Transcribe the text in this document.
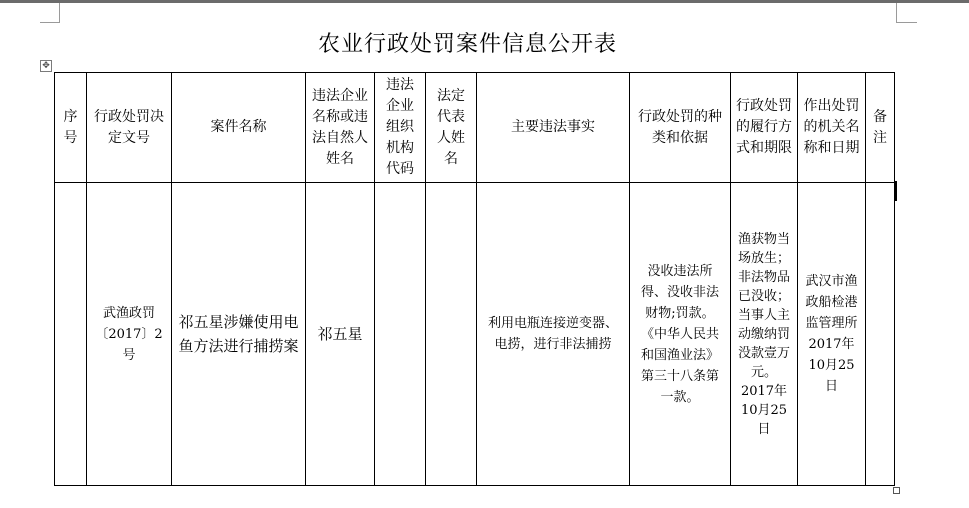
农业行政处罚案件信息公开表
✥
序号	行政处罚决定文号	案件名称	违法企业名称或违法自然人姓名	违法企业组织机构代码	法定代表人姓名	主要违法事实	行政处罚的种类和依据	行政处罚的履行方式和期限	作出处罚的机关名称和日期	备注

	武渔政罚〔2017〕2号	祁五星涉嫌使用电鱼方法进行捕捞案	祁五星			利用电瓶连接逆变器、电捞，进行非法捕捞	没收违法所得、没收非法财物;罚款。《中华人民共和国渔业法》第三十八条第一款。	渔获物当场放生；非法物品已没收；当事人主动缴纳罚没款壹万元。2017年10月25日	武汉市渔政船检港监管理所2017年10月25日	
